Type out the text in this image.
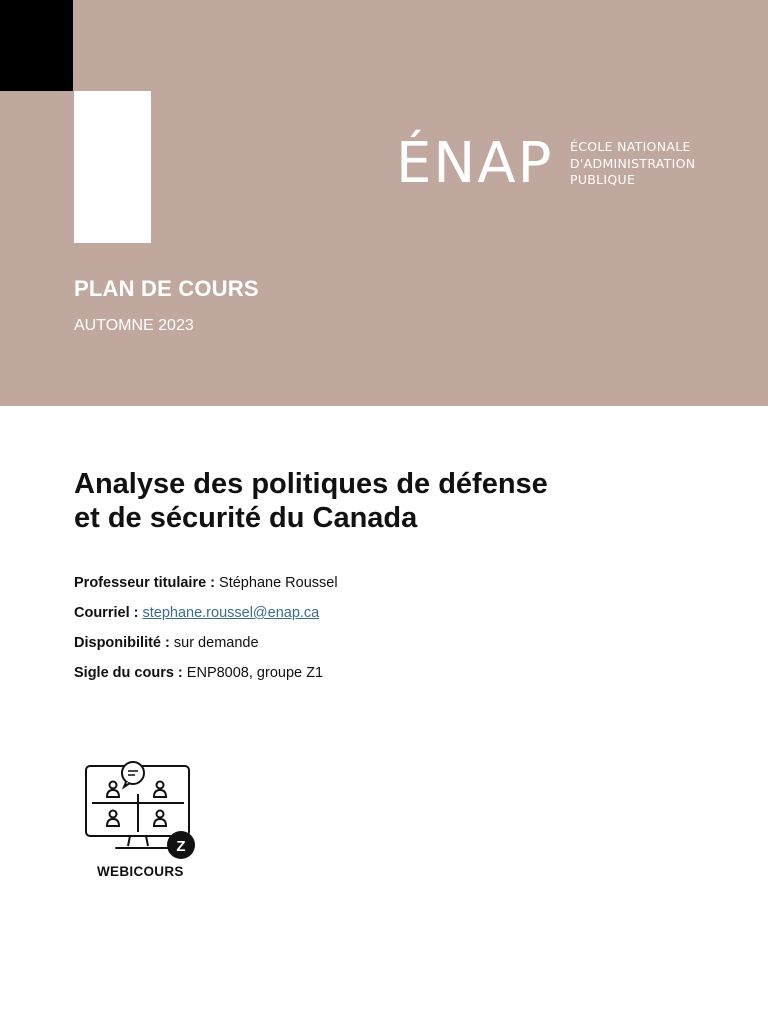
ÉNAP ÉCOLE NATIONALE
D'ADMINISTRATION
PUBLIQUE
PLAN DE COURS
AUTOMNE 2023
Analyse des politiques de défense
et de sécurité du Canada
Professeur titulaire : Stéphane Roussel
Courriel : stephane.roussel@enap.ca
Disponibilité : sur demande
Sigle du cours : ENP8008, groupe Z1
Z
WEBICOURS
